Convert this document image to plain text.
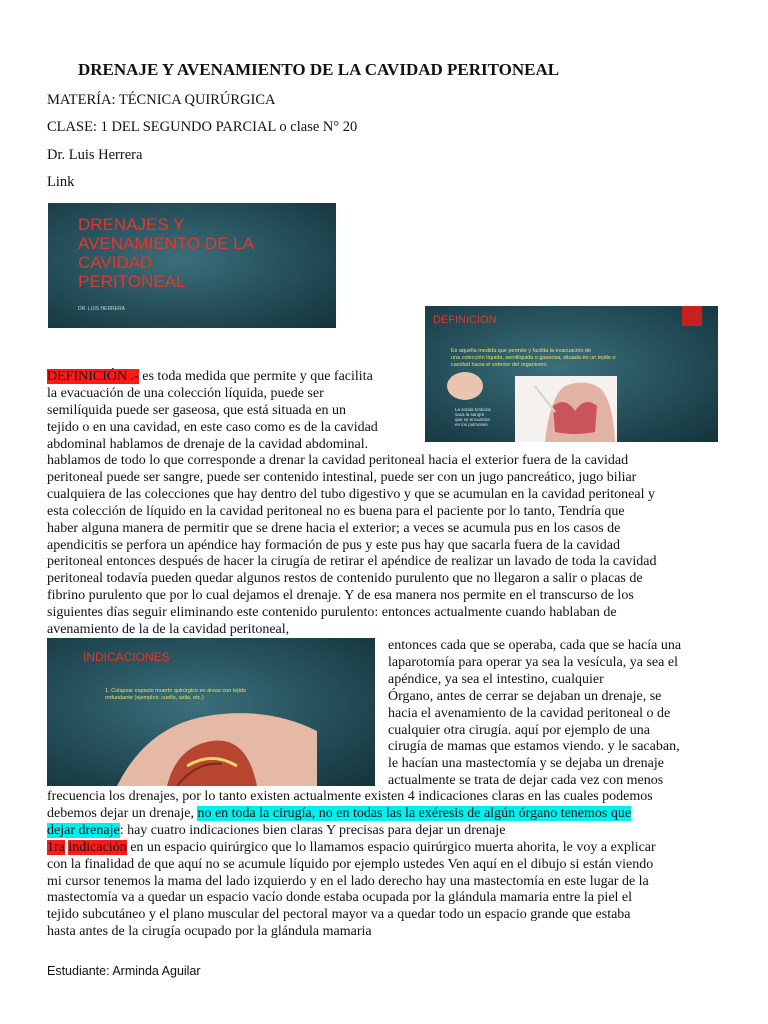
DRENAJE Y AVENAMIENTO DE LA CAVIDAD PERITONEAL
MATERÍA: TÉCNICA QUIRÚRGICA
CLASE: 1 DEL SEGUNDO PARCIAL o clase N° 20
Dr. Luis Herrera
Link
DRENAJES Y
AVENAMIENTO DE LA
CAVIDAD
PERITONEAL
DR. LUIS HERRERA
DEFINICION
Es aquella medida que permite y facilita la evacuación de
una colección líquida, semilíquida o gaseosa, situada en un tejido o
cavidad hacia el exterior del organismo.
La sonda torácica
saca la sangre
que se encuentra
en los pulmones
INDICACIONES
1. Colapsar espacio muerto quirúrgico en áreas con tejido
redundante (ejemplos: cuello, axila, etc.)
DEFINICIÓN .- es toda medida que permite y que facilita
la evacuación de una colección líquida, puede ser
semilíquida puede ser gaseosa, que está situada en un
tejido o en una cavidad, en este caso como es de la cavidad
abdominal hablamos de drenaje de la cavidad abdominal.
hablamos de todo lo que corresponde a drenar la cavidad peritoneal hacia el exterior fuera de la cavidad
peritoneal puede ser sangre, puede ser contenido intestinal, puede ser con un jugo pancreático, jugo biliar
cualquiera de las colecciones que hay dentro del tubo digestivo y que se acumulan en la cavidad peritoneal y
esta colección de líquido en la cavidad peritoneal no es buena para el paciente por lo tanto, Tendría que
haber alguna manera de permitir que se drene hacia el exterior; a veces se acumula pus en los casos de
apendicitis se perfora un apéndice hay formación de pus y este pus hay que sacarla fuera de la cavidad
peritoneal entonces después de hacer la cirugía de retirar el apéndice de realizar un lavado de toda la cavidad
peritoneal todavía pueden quedar algunos restos de contenido purulento que no llegaron a salir o placas de
fibrino purulento que por lo cual dejamos el drenaje. Y de esa manera nos permite en el transcurso de los
siguientes días seguir eliminando este contenido purulento: entonces actualmente cuando hablaban de
avenamiento de la de la cavidad peritoneal,
entonces cada que se operaba, cada que se hacía una
laparotomía para operar ya sea la vesícula, ya sea el
apéndice, ya sea el intestino, cualquier
Órgano, antes de cerrar se dejaban un drenaje, se
hacia el avenamiento de la cavidad peritoneal o de
cualquier otra cirugía. aquí por ejemplo de una
cirugía de mamas que estamos viendo. y le sacaban,
le hacían una mastectomía y se dejaba un drenaje
actualmente se trata de dejar cada vez con menos
frecuencia los drenajes, por lo tanto existen actualmente existen 4 indicaciones claras en las cuales podemos
debemos dejar un drenaje, no en toda la cirugía, no en todas las la exéresis de algún órgano tenemos que
dejar drenaje: hay cuatro indicaciones bien claras Y precisas para dejar un drenaje
1ra indicación en un espacio quirúrgico que lo llamamos espacio quirúrgico muerta ahorita, le voy a explicar
con la finalidad de que aquí no se acumule líquido por ejemplo ustedes Ven aquí en el dibujo si están viendo
mi cursor tenemos la mama del lado izquierdo y en el lado derecho hay una mastectomía en este lugar de la
mastectomía va a quedar un espacio vacío donde estaba ocupada por la glándula mamaria entre la piel el
tejido subcutáneo y el plano muscular del pectoral mayor va a quedar todo un espacio grande que estaba
hasta antes de la cirugía ocupado por la glándula mamaria
Estudiante: Arminda Aguilar
